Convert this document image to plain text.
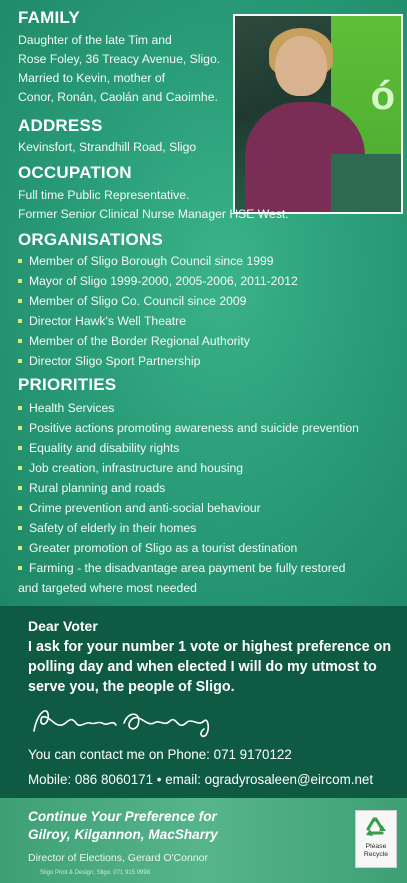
ó
FAMILY
Daughter of the late Tim and
Rose Foley, 36 Treacy Avenue, Sligo.
Married to Kevin, mother of
Conor, Ronán, Caolán and Caoimhe.
ADDRESS
Kevinsfort, Strandhill Road, Sligo
OCCUPATION
Full time Public Representative.
Former Senior Clinical Nurse Manager HSE West.
ORGANISATIONS
Member of Sligo Borough Council since 1999
Mayor of Sligo 1999-2000, 2005-2006, 2011-2012
Member of Sligo Co. Council since 2009
Director Hawk's Well Theatre
Member of the Border Regional Authority
Director Sligo Sport Partnership
PRIORITIES
Health Services
Positive actions promoting awareness and suicide prevention
Equality and disability rights
Job creation, infrastructure and housing
Rural planning and roads
Crime prevention and anti-social behaviour
Safety of elderly in their homes
Greater promotion of Sligo as a tourist destination
Farming - the disadvantage area payment be fully restored
and targeted where most needed
Dear Voter
I ask for your number 1 vote or highest preference on polling day and when elected I will do my utmost to serve you, the people of Sligo.
You can contact me on Phone: 071 9170122
Mobile: 086 8060171 • email: ogradyrosaleen@eircom.net
Continue Your Preference for
Gilroy, Kilgannon, MacSharry
Director of Elections, Gerard O'Connor
Sligo Print & Design, Sligo. 071 915 0998
Please
Recycle
